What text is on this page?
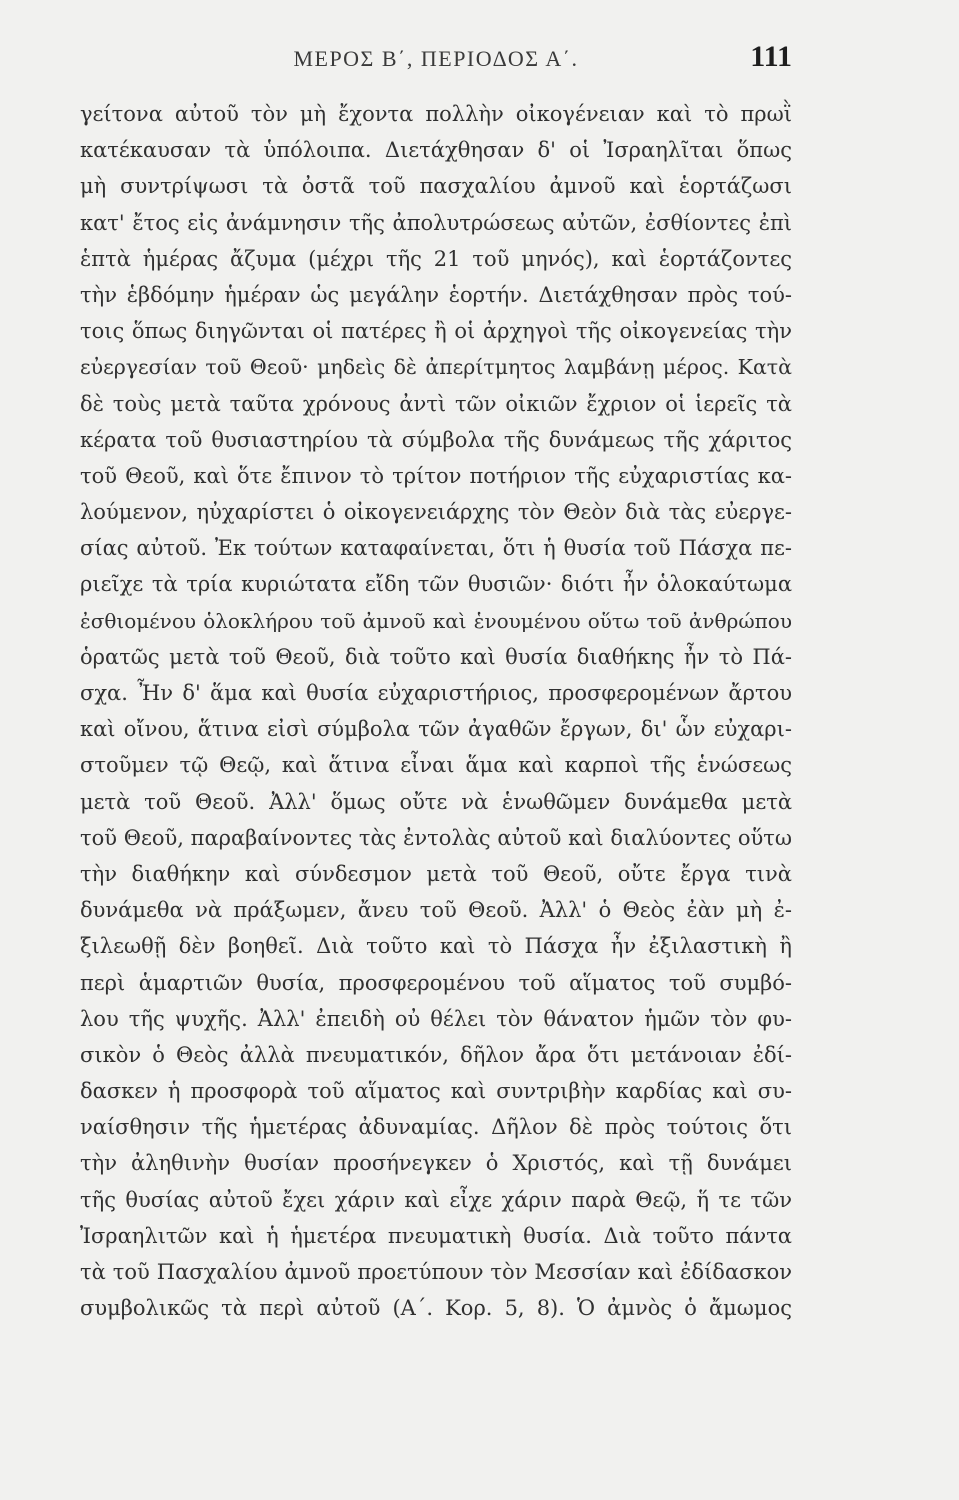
ΜΕΡΟΣ Β΄, ΠΕΡΙΟΔΟΣ Α΄.	111
γείτονα αὐτοῦ τὸν μὴ ἔχοντα πολλὴν οἰκογένειαν καὶ τὸ πρωῒ
κατέκαυσαν τὰ ὑπόλοιπα. Διετάχθησαν δ' οἱ Ἰσραηλῖται ὅπως
μὴ συντρίψωσι τὰ ὀστᾶ τοῦ πασχαλίου ἀμνοῦ καὶ ἑορτάζωσι
κατ' ἔτος εἰς ἀνάμνησιν τῆς ἀπολυτρώσεως αὐτῶν, ἐσθίοντες ἐπὶ
ἑπτὰ ἡμέρας ἄζυμα (μέχρι τῆς 21 τοῦ μηνός), καὶ ἑορτάζοντες
τὴν ἑβδόμην ἡμέραν ὡς μεγάλην ἑορτήν. Διετάχθησαν πρὸς τού-
τοις ὅπως διηγῶνται οἱ πατέρες ἢ οἱ ἀρχηγοὶ τῆς οἰκογενείας τὴν
εὐεργεσίαν τοῦ Θεοῦ· μηδεὶς δὲ ἀπερίτμητος λαμβάνῃ μέρος. Κατὰ
δὲ τοὺς μετὰ ταῦτα χρόνους ἀντὶ τῶν οἰκιῶν ἔχριον οἱ ἱερεῖς τὰ
κέρατα τοῦ θυσιαστηρίου τὰ σύμβολα τῆς δυνάμεως τῆς χάριτος
τοῦ Θεοῦ, καὶ ὅτε ἔπινον τὸ τρίτον ποτήριον τῆς εὐχαριστίας κα-
λούμενον, ηὐχαρίστει ὁ οἰκογενειάρχης τὸν Θεὸν διὰ τὰς εὐεργε-
σίας αὐτοῦ. Ἐκ τούτων καταφαίνεται, ὅτι ἡ θυσία τοῦ Πάσχα πε-
ριεῖχε τὰ τρία κυριώτατα εἴδη τῶν θυσιῶν· διότι ἦν ὁλοκαύτωμα
ἐσθιομένου ὁλοκλήρου τοῦ ἀμνοῦ καὶ ἑνουμένου οὕτω τοῦ ἀνθρώπου
ὁρατῶς μετὰ τοῦ Θεοῦ, διὰ τοῦτο καὶ θυσία διαθήκης ἦν τὸ Πά-
σχα. Ἦν δ' ἅμα καὶ θυσία εὐχαριστήριος, προσφερομένων ἄρτου
καὶ οἴνου, ἅτινα εἰσὶ σύμβολα τῶν ἀγαθῶν ἔργων, δι' ὧν εὐχαρι-
στοῦμεν τῷ Θεῷ, καὶ ἅτινα εἶναι ἅμα καὶ καρποὶ τῆς ἑνώσεως
μετὰ τοῦ Θεοῦ. Ἀλλ' ὅμως οὔτε νὰ ἑνωθῶμεν δυνάμεθα μετὰ
τοῦ Θεοῦ, παραβαίνοντες τὰς ἐντολὰς αὐτοῦ καὶ διαλύοντες οὕτω
τὴν διαθήκην καὶ σύνδεσμον μετὰ τοῦ Θεοῦ, οὔτε ἔργα τινὰ
δυνάμεθα νὰ πράξωμεν, ἄνευ τοῦ Θεοῦ. Ἀλλ' ὁ Θεὸς ἐὰν μὴ ἐ-
ξιλεωθῇ δὲν βοηθεῖ. Διὰ τοῦτο καὶ τὸ Πάσχα ἦν ἐξιλαστικὴ ἢ
περὶ ἁμαρτιῶν θυσία, προσφερομένου τοῦ αἵματος τοῦ συμβό-
λου τῆς ψυχῆς. Ἀλλ' ἐπειδὴ οὐ θέλει τὸν θάνατον ἡμῶν τὸν φυ-
σικὸν ὁ Θεὸς ἀλλὰ πνευματικόν, δῆλον ἄρα ὅτι μετάνοιαν ἐδί-
δασκεν ἡ προσφορὰ τοῦ αἵματος καὶ συντριβὴν καρδίας καὶ συ-
ναίσθησιν τῆς ἡμετέρας ἀδυναμίας. Δῆλον δὲ πρὸς τούτοις ὅτι
τὴν ἀληθινὴν θυσίαν προσήνεγκεν ὁ Χριστός, καὶ τῇ δυνάμει
τῆς θυσίας αὐτοῦ ἔχει χάριν καὶ εἶχε χάριν παρὰ Θεῷ, ἥ τε τῶν
Ἰσραηλιτῶν καὶ ἡ ἡμετέρα πνευματικὴ θυσία. Διὰ τοῦτο πάντα
τὰ τοῦ Πασχαλίου ἀμνοῦ προετύπουν τὸν Μεσσίαν καὶ ἐδίδασκον
συμβολικῶς τὰ περὶ αὐτοῦ (Α΄. Κορ. 5, 8). Ὁ ἀμνὸς ὁ ἄμωμος
